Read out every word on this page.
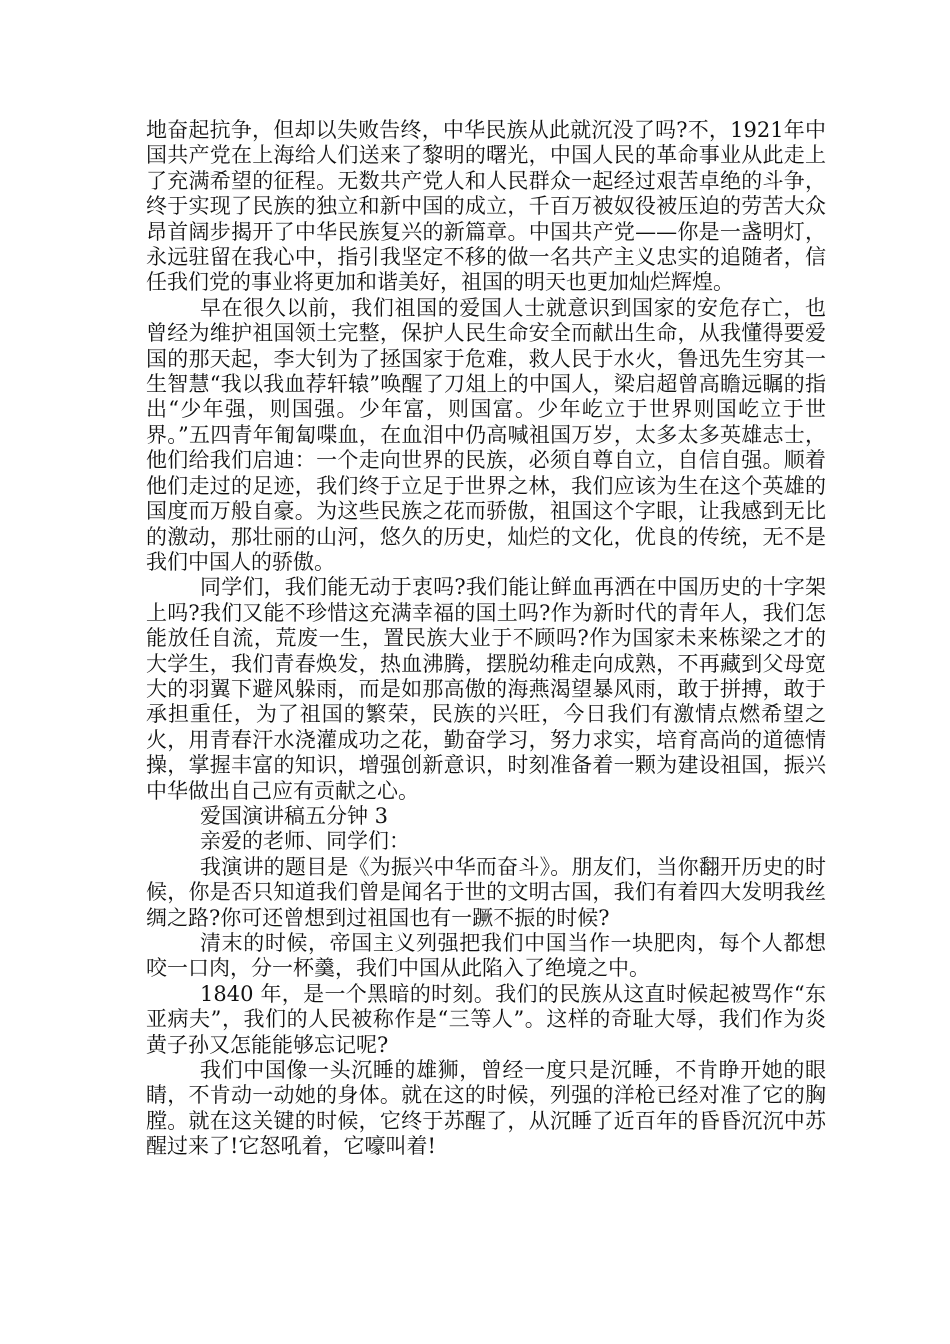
地奋起抗争，但却以失败告终，中华民族从此就沉没了吗?不，1921年中国共产党在上海给人们送来了黎明的曙光，中国人民的革命事业从此走上了充满希望的征程。无数共产党人和人民群众一起经过艰苦卓绝的斗争，终于实现了民族的独立和新中国的成立，千百万被奴役被压迫的劳苦大众昂首阔步揭开了中华民族复兴的新篇章。中国共产党——你是一盏明灯，永远驻留在我心中，指引我坚定不移的做一名共产主义忠实的追随者，信任我们党的事业将更加和谐美好，祖国的明天也更加灿烂辉煌。

早在很久以前，我们祖国的爱国人士就意识到国家的安危存亡，也曾经为维护祖国领土完整，保护人民生命安全而献出生命，从我懂得要爱国的那天起，李大钊为了拯国家于危难，救人民于水火，鲁迅先生穷其一生智慧“我以我血荐轩辕”唤醒了刀俎上的中国人，梁启超曾高瞻远瞩的指出“少年强，则国强。少年富，则国富。少年屹立于世界则国屹立于世界。”五四青年匍匐喋血，在血泪中仍高喊祖国万岁，太多太多英雄志士，他们给我们启迪：一个走向世界的民族，必须自尊自立，自信自强。顺着他们走过的足迹，我们终于立足于世界之林，我们应该为生在这个英雄的国度而万般自豪。为这些民族之花而骄傲，祖国这个字眼，让我感到无比的激动，那壮丽的山河，悠久的历史，灿烂的文化，优良的传统，无不是我们中国人的骄傲。

同学们，我们能无动于衷吗?我们能让鲜血再洒在中国历史的十字架上吗?我们又能不珍惜这充满幸福的国土吗?作为新时代的青年人，我们怎能放任自流，荒废一生，置民族大业于不顾吗?作为国家未来栋梁之才的大学生，我们青春焕发，热血沸腾，摆脱幼稚走向成熟，不再藏到父母宽大的羽翼下避风躲雨，而是如那高傲的海燕渴望暴风雨，敢于拼搏，敢于承担重任，为了祖国的繁荣，民族的兴旺，今日我们有激情点燃希望之火，用青春汗水浇灌成功之花，勤奋学习，努力求实，培育高尚的道德情操，掌握丰富的知识，增强创新意识，时刻准备着一颗为建设祖国，振兴中华做出自己应有贡献之心。

爱国演讲稿五分钟 3

亲爱的老师、同学们：

我演讲的题目是《为振兴中华而奋斗》。朋友们，当你翻开历史的时候，你是否只知道我们曾是闻名于世的文明古国，我们有着四大发明我丝绸之路?你可还曾想到过祖国也有一蹶不振的时候?

清末的时候，帝国主义列强把我们中国当作一块肥肉，每个人都想咬一口肉，分一杯羹，我们中国从此陷入了绝境之中。

1840 年，是一个黑暗的时刻。我们的民族从这直时候起被骂作“东亚病夫”，我们的人民被称作是“三等人”。这样的奇耻大辱，我们作为炎黄子孙又怎能能够忘记呢?

我们中国像一头沉睡的雄狮，曾经一度只是沉睡，不肯睁开她的眼睛，不肯动一动她的身体。就在这的时候，列强的洋枪已经对准了它的胸膛。就在这关键的时候，它终于苏醒了，从沉睡了近百年的昏昏沉沉中苏醒过来了!它怒吼着，它嚎叫着!
